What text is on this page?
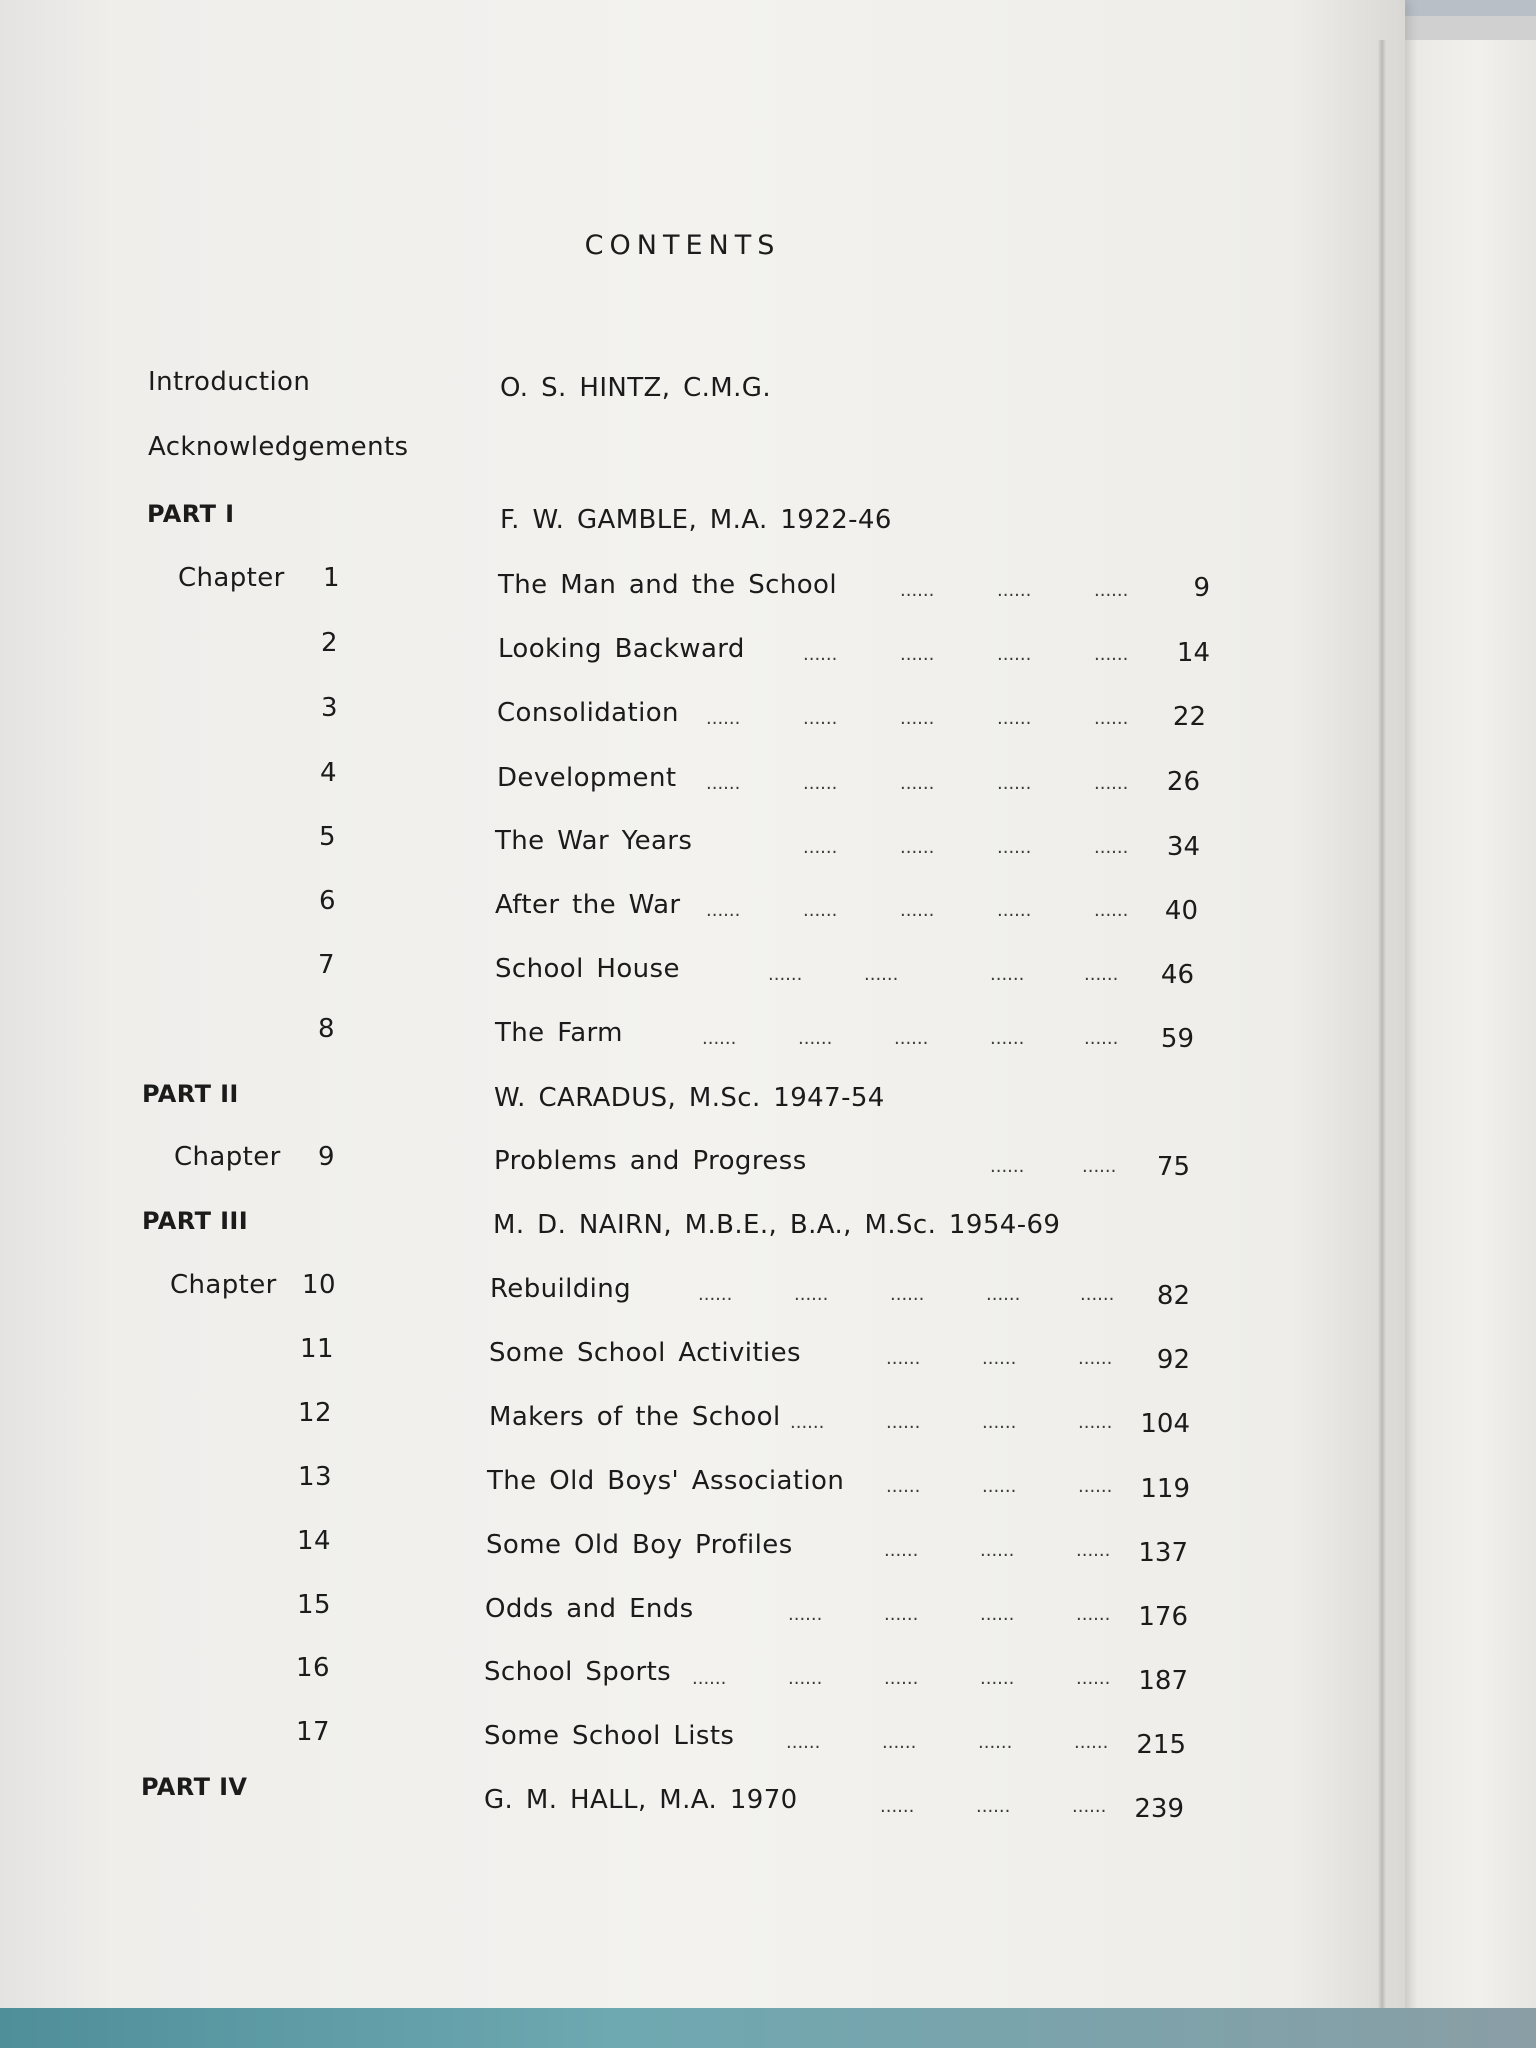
CONTENTS
Introduction	O. S. HINTZ, C.M.G.
Acknowledgements
PART I	F. W. GAMBLE, M.A. 1922-46
Chapter 1	The Man and the School	......	......	......	9
2	Looking Backward	......	......	......	......	14
3	Consolidation ......	......	......	......	......	22
4	Development ......	......	......	......	......	26
5	The War Years	......	......	......	......	34
6	After the War ......	......	......	......	......	40
7	School House	......	......	......	......	46
8	The Farm	......	......	......	......	......	59
PART II	W. CARADUS, M.Sc. 1947-54
Chapter 9	Problems and Progress	......	......	75
PART III	M. D. NAIRN, M.B.E., B.A., M.Sc. 1954-69
Chapter 10	Rebuilding	......	......	......	......	......	82
11	Some School Activities	......	......	......	92
12	Makers of the School ......	......	......	......	104
13	The Old Boys' Association ......	......	......	119
14	Some Old Boy Profiles	......	......	......	137
15	Odds and Ends	......	......	......	......	176
16	School Sports ......	......	......	......	......	187
17	Some School Lists	......	......	......	......	215
PART IV	G. M. HALL, M.A. 1970	......	......	......	239
